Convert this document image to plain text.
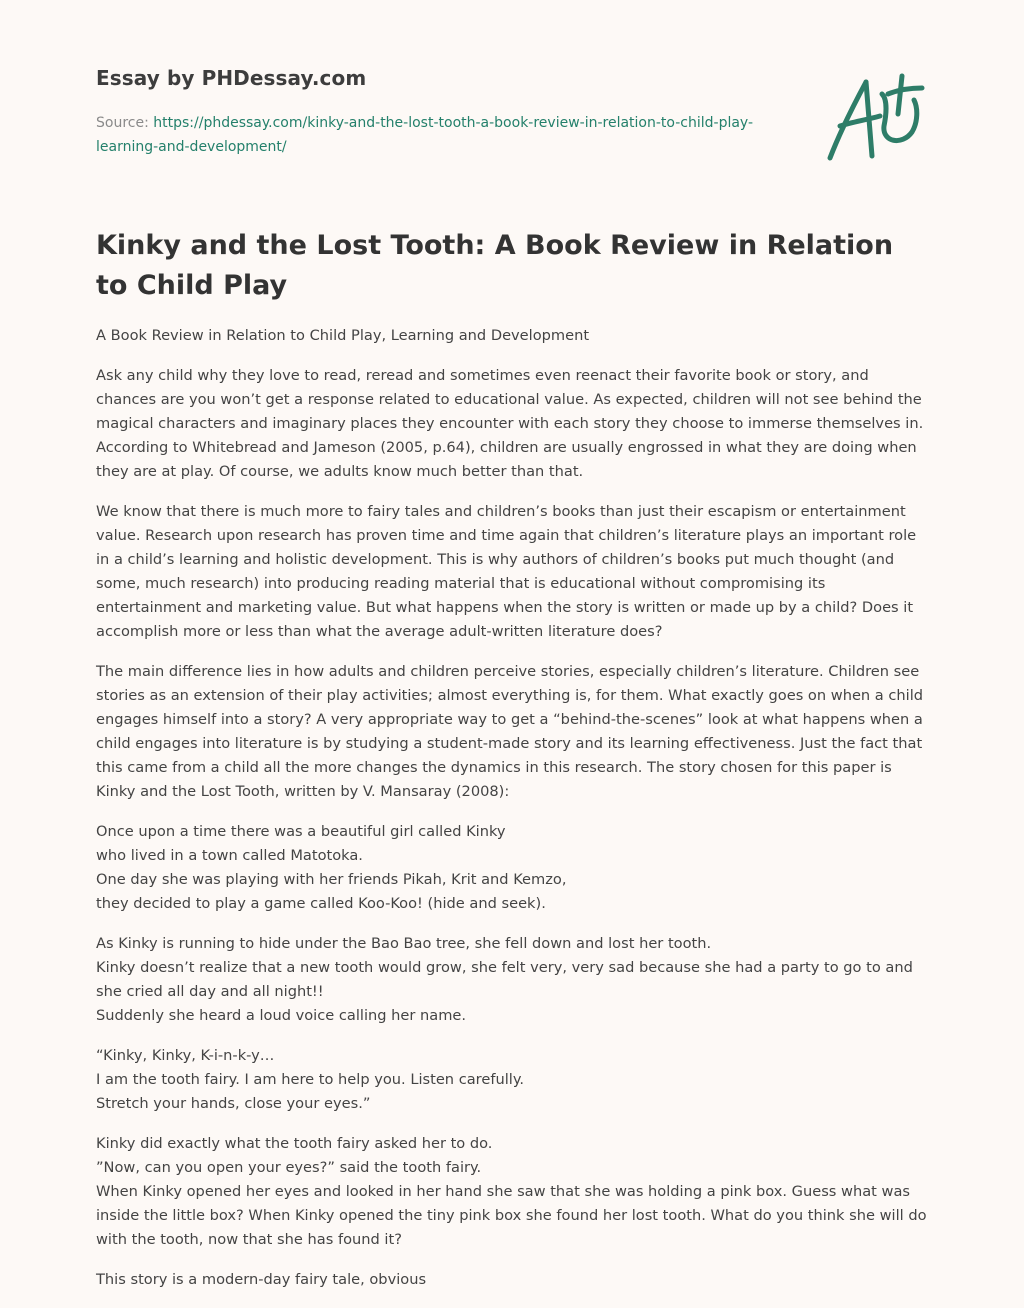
Essay by PHDessay.com
Source: https://phdessay.com/kinky-and-the-lost-tooth-a-book-review-in-relation-to-child-play-learning-and-development/
Kinky and the Lost Tooth: A Book Review in Relation to Child Play

A Book Review in Relation to Child Play, Learning and Development

Ask any child why they love to read, reread and sometimes even reenact their favorite book or story, and chances are you won’t get a response related to educational value. As expected, children will not see behind the magical characters and imaginary places they encounter with each story they choose to immerse themselves in. According to Whitebread and Jameson (2005, p.64), children are usually engrossed in what they are doing when they are at play. Of course, we adults know much better than that.

We know that there is much more to fairy tales and children’s books than just their escapism or entertainment value. Research upon research has proven time and time again that children’s literature plays an important role in a child’s learning and holistic development. This is why authors of children’s books put much thought (and some, much research) into producing reading material that is educational without compromising its entertainment and marketing value. But what happens when the story is written or made up by a child? Does it accomplish more or less than what the average adult-written literature does?

The main difference lies in how adults and children perceive stories, especially children’s literature. Children see stories as an extension of their play activities; almost everything is, for them. What exactly goes on when a child engages himself into a story? A very appropriate way to get a “behind-the-scenes” look at what happens when a child engages into literature is by studying a student-made story and its learning effectiveness. Just the fact that this came from a child all the more changes the dynamics in this research. The story chosen for this paper is Kinky and the Lost Tooth, written by V. Mansaray (2008):

Once upon a time there was a beautiful girl called Kinky
who lived in a town called Matotoka.
One day she was playing with her friends Pikah, Krit and Kemzo,
they decided to play a game called Koo-Koo! (hide and seek).

As Kinky is running to hide under the Bao Bao tree, she fell down and lost her tooth.
Kinky doesn’t realize that a new tooth would grow, she felt very, very sad because she had a party to go to and she cried all day and all night!!
Suddenly she heard a loud voice calling her name.

“Kinky, Kinky, K-i-n-k-y…
I am the tooth fairy. I am here to help you. Listen carefully.
Stretch your hands, close your eyes.”

Kinky did exactly what the tooth fairy asked her to do.
”Now, can you open your eyes?” said the tooth fairy.
When Kinky opened her eyes and looked in her hand she saw that she was holding a pink box. Guess what was inside the little box? When Kinky opened the tiny pink box she found her lost tooth. What do you think she will do with the tooth, now that she has found it?

This story is a modern-day fairy tale, obvious
